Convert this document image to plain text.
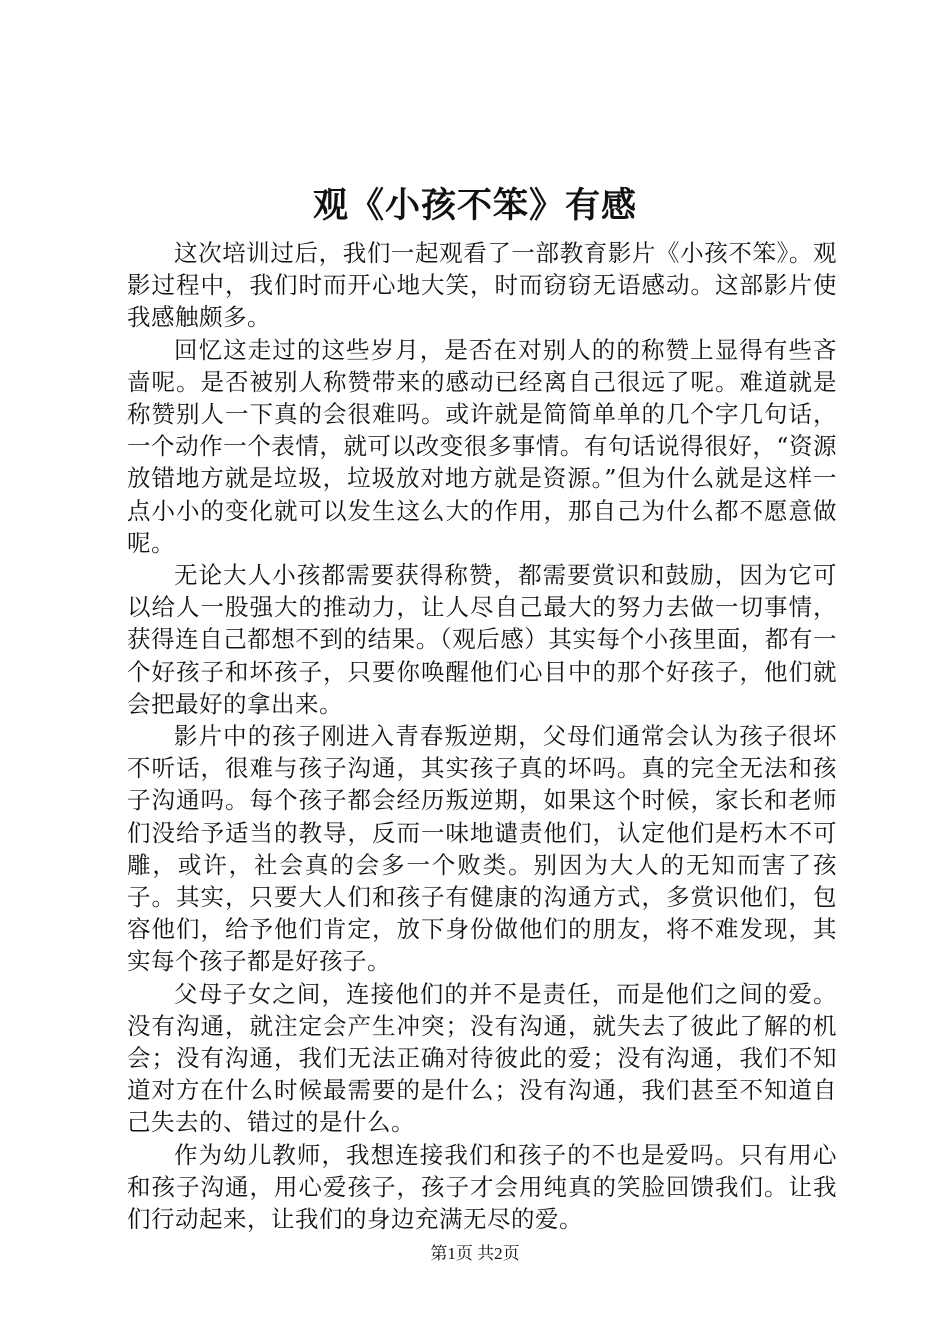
观《小孩不笨》有感

这次培训过后，我们一起观看了一部教育影片《小孩不笨》。观影过程中，我们时而开心地大笑，时而窃窃无语感动。这部影片使我感触颇多。

回忆这走过的这些岁月，是否在对别人的的称赞上显得有些吝啬呢。是否被别人称赞带来的感动已经离自己很远了呢。难道就是称赞别人一下真的会很难吗。或许就是简简单单的几个字几句话，一个动作一个表情，就可以改变很多事情。有句话说得很好，“资源放错地方就是垃圾，垃圾放对地方就是资源。”但为什么就是这样一点小小的变化就可以发生这么大的作用，那自己为什么都不愿意做呢。

无论大人小孩都需要获得称赞，都需要赏识和鼓励，因为它可以给人一股强大的推动力，让人尽自己最大的努力去做一切事情，获得连自己都想不到的结果。（观后感）其实每个小孩里面，都有一个好孩子和坏孩子，只要你唤醒他们心目中的那个好孩子，他们就会把最好的拿出来。

影片中的孩子刚进入青春叛逆期，父母们通常会认为孩子很坏不听话，很难与孩子沟通，其实孩子真的坏吗。真的完全无法和孩子沟通吗。每个孩子都会经历叛逆期，如果这个时候，家长和老师们没给予适当的教导，反而一味地谴责他们，认定他们是朽木不可雕，或许，社会真的会多一个败类。别因为大人的无知而害了孩子。其实，只要大人们和孩子有健康的沟通方式，多赏识他们，包容他们，给予他们肯定，放下身份做他们的朋友，将不难发现，其实每个孩子都是好孩子。

父母子女之间，连接他们的并不是责任，而是他们之间的爱。没有沟通，就注定会产生冲突；没有沟通，就失去了彼此了解的机会；没有沟通，我们无法正确对待彼此的爱；没有沟通，我们不知道对方在什么时候最需要的是什么；没有沟通，我们甚至不知道自己失去的、错过的是什么。

作为幼儿教师，我想连接我们和孩子的不也是爱吗。只有用心和孩子沟通，用心爱孩子，孩子才会用纯真的笑脸回馈我们。让我们行动起来，让我们的身边充满无尽的爱。

第1页 共2页
